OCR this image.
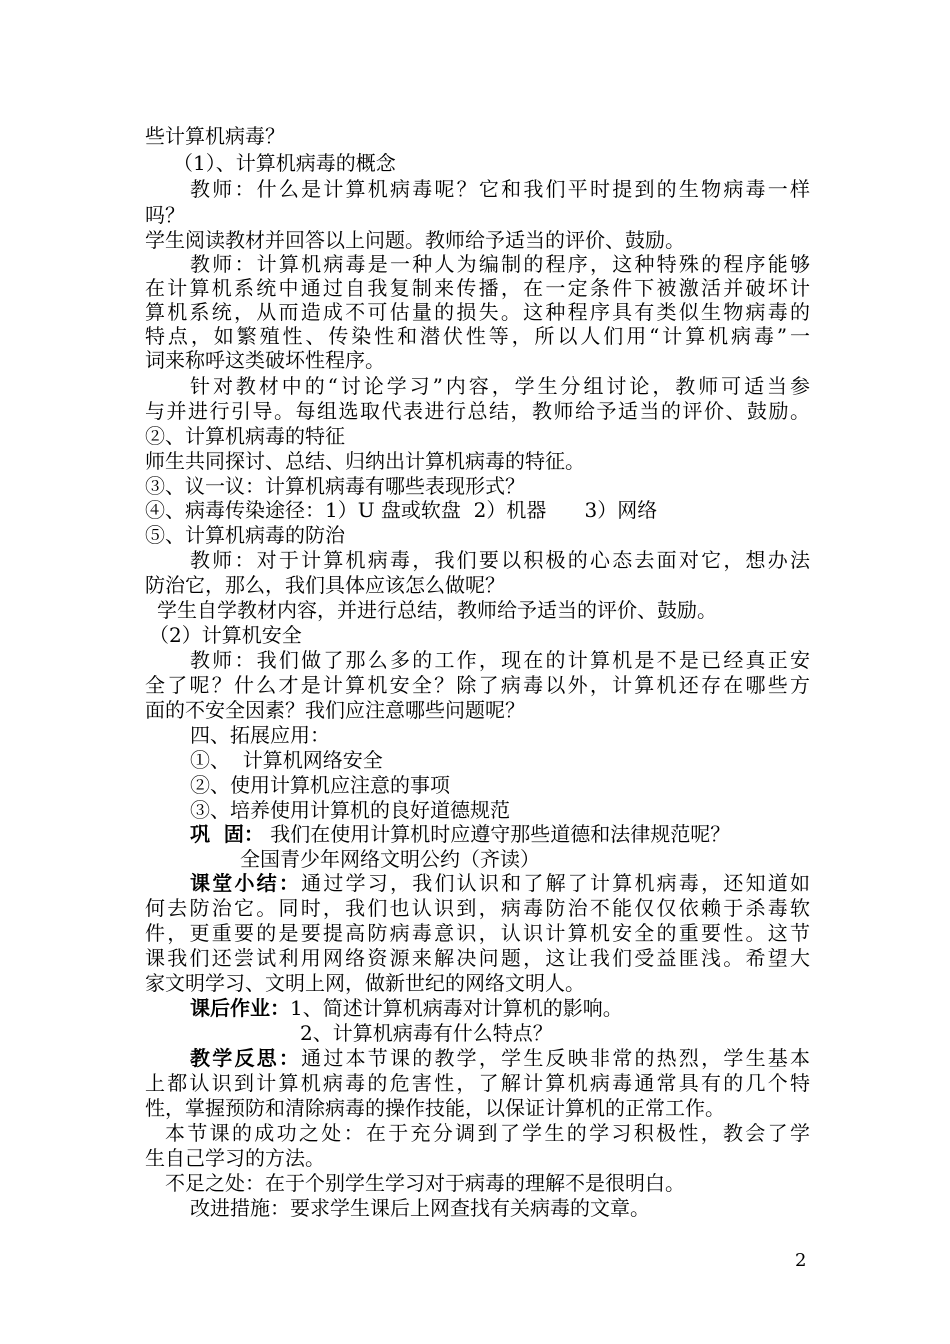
些计算机病毒？
（1）、计算机病毒的概念
教师：什么是计算机病毒呢？它和我们平时提到的生物病毒一样
吗？
学生阅读教材并回答以上问题。教师给予适当的评价、鼓励。
教师：计算机病毒是一种人为编制的程序，这种特殊的程序能够
在计算机系统中通过自我复制来传播，在一定条件下被激活并破坏计
算机系统，从而造成不可估量的损失。这种程序具有类似生物病毒的
特点，如繁殖性、传染性和潜伏性等，所以人们用“计算机病毒”一
词来称呼这类破坏性程序。
针对教材中的“讨论学习”内容，学生分组讨论，教师可适当参
与并进行引导。每组选取代表进行总结，教师给予适当的评价、鼓励。
②、计算机病毒的特征
师生共同探讨、总结、归纳出计算机病毒的特征。
③、议一议：计算机病毒有哪些表现形式？
④、病毒传染途径：1）U 盘或软盘  2）机器      3）网络
⑤、计算机病毒的防治
教师：对于计算机病毒，我们要以积极的心态去面对它，想办法
防治它，那么，我们具体应该怎么做呢？
学生自学教材内容，并进行总结，教师给予适当的评价、鼓励。
（2）计算机安全
教师：我们做了那么多的工作，现在的计算机是不是已经真正安
全了呢？什么才是计算机安全？除了病毒以外，计算机还存在哪些方
面的不安全因素？我们应注意哪些问题呢？
四、拓展应用：
①、  计算机网络安全
②、使用计算机应注意的事项
③、培养使用计算机的良好道德规范
巩  固： 我们在使用计算机时应遵守那些道德和法律规范呢？
全国青少年网络文明公约（齐读）
课堂小结：通过学习，我们认识和了解了计算机病毒，还知道如
何去防治它。同时，我们也认识到，病毒防治不能仅仅依赖于杀毒软
件，更重要的是要提高防病毒意识，认识计算机安全的重要性。这节
课我们还尝试利用网络资源来解决问题，这让我们受益匪浅。希望大
家文明学习、文明上网，做新世纪的网络文明人。
课后作业：1、简述计算机病毒对计算机的影响。
2、计算机病毒有什么特点？
教学反思：通过本节课的教学，学生反映非常的热烈，学生基本
上都认识到计算机病毒的危害性，了解计算机病毒通常具有的几个特
性，掌握预防和清除病毒的操作技能，以保证计算机的正常工作。
本节课的成功之处：在于充分调到了学生的学习积极性，教会了学
生自己学习的方法。
不足之处：在于个别学生学习对于病毒的理解不是很明白。
改进措施：要求学生课后上网查找有关病毒的文章。
2
